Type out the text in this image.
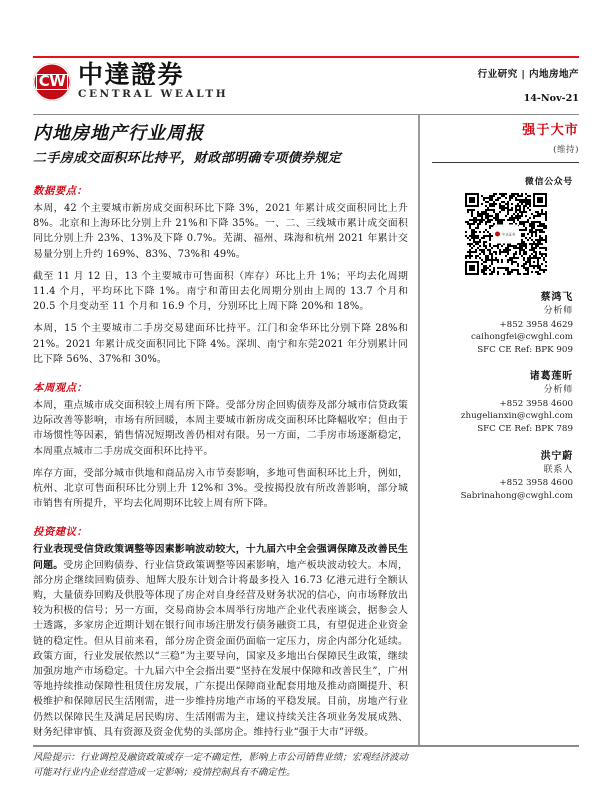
CW 中達證券
CENTRAL WEALTH
行业研究 | 内地房地产
14-Nov-21
内地房地产行业周报
二手房成交面积环比持平，财政部明确专项债券规定
强于大市
(维持)
数据要点：

本周，42 个主要城市新房成交面积环比下降 3%，2021 年累计成交面积同比上升 8%。北京和上海环比分别上升 21%和下降 35%。一、二、三线城市累计成交面积同比分别上升 23%、13%及下降 0.7%。芜湖、福州、珠海和杭州 2021 年累计交易量分别上升约 169%、83%、73%和 49%。

截至 11 月 12 日，13 个主要城市可售面积（库存）环比上升 1%；平均去化周期 11.4 个月，平均环比下降 1%。南宁和莆田去化周期分别由上周的 13.7 个月和 20.5 个月变动至 11 个月和 16.9 个月，分别环比上周下降 20%和 18%。

本周，15 个主要城市二手房交易建面环比持平。江门和金华环比分别下降 28%和 21%。2021 年累计成交面积同比下降 4%。深圳、南宁和东莞2021 年分别累计同比下降 56%、37%和 30%。

本周观点：

本周，重点城市成交面积较上周有所下降。受部分房企回购债券及部分城市信贷政策边际改善等影响，市场有所回暖，本周主要城市新房成交面积环比降幅收窄；但由于市场惯性等因素，销售情况短期改善仍相对有限。另一方面，二手房市场逐渐稳定，本周重点城市二手房成交面积环比持平。

库存方面，受部分城市供地和商品房入市节奏影响，多地可售面积环比上升，例如，杭州、北京可售面积环比分别上升 12%和 3%。受按揭投放有所改善影响，部分城市销售有所提升，平均去化周期环比较上周有所下降。

投资建议：

行业表现受信贷政策调整等因素影响波动较大，十九届六中全会强调保障及改善民生问题。受房企回购债券、行业信贷政策调整等因素影响，地产板块波动较大。本周，部分房企继续回购债券、旭辉大股东计划合计将最多投入 16.73 亿港元进行全额认购，大量债券回购及供股等体现了房企对自身经营及财务状况的信心，向市场释放出较为积极的信号；另一方面，交易商协会本周举行房地产企业代表座谈会，据参会人士透露，多家房企近期计划在银行间市场注册发行债务融资工具，有望促进企业资金链的稳定性。但从目前来看，部分房企资金面仍面临一定压力，房企内部分化延续。政策方面，行业发展依然以“三稳”为主要导向，国家及多地出台保障民生政策，继续加强房地产市场稳定。十九届六中全会指出要“坚持在发展中保障和改善民生”，广州等地持续推动保障性租赁住房发展，广东提出保障商业配套用地及推动商圈提升、积极维护和保障居民生活刚需，进一步维持房地产市场的平稳发展。目前，房地产行业仍然以保障民生及满足居民购房、生活刚需为主，建议持续关注各项业务发展成熟、财务纪律审慎、具有资源及资金优势的头部房企。维持行业“强于大市”评级。

风险提示：行业调控及融资政策或存一定不确定性，影响上市公司销售业绩；宏观经济波动可能对行业内企业经营造成一定影响；疫情控制具有不确定性。

微信公众号
中达证券
蔡鸿飞
分析师
+852 3958 4629
caihongfei@cwghl.com
SFC CE Ref: BPK 909
诸葛莲昕
分析师
+852 3958 4600
zhugelianxin@cwghl.com
SFC CE Ref: BPK 789
洪宁蔚
联系人
+852 3958 4600
Sabrinahong@cwghl.com
